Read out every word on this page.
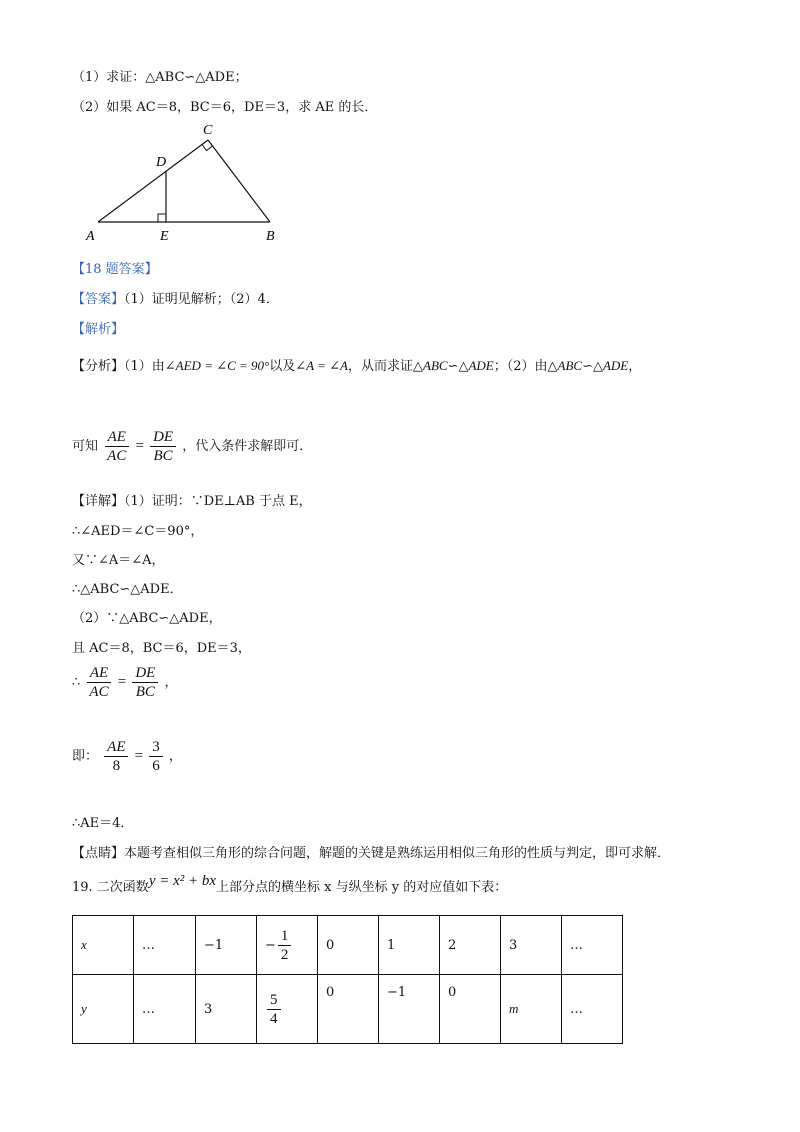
（1）求证：△ABC∽△ADE；
（2）如果 AC＝8，BC＝6，DE＝3，求 AE 的长．
A	E	B
D
C
【18 题答案】
【答案】（1）证明见解析；（2）4．
【解析】
【分析】（1）由∠AED = ∠C = 90°以及∠A = ∠A，从而求证△ABC∽△ADE；（2）由△ABC∽△ADE，
可知 $\frac{AE}{AC} = \frac{DE}{BC}$ ，代入条件求解即可．
【详解】（1）证明：∵DE⊥AB 于点 E，
∴∠AED＝∠C＝90°，
又∵∠A＝∠A，
∴△ABC∽△ADE．
（2）∵△ABC∽△ADE，
且 AC＝8，BC＝6，DE＝3，
∴ $\frac{AE}{AC} = \frac{DE}{BC}$ ，
即： $\frac{AE}{8} = \frac{3}{6}$ ，
∴AE＝4．
【点睛】本题考查相似三角形的综合问题，解题的关键是熟练运用相似三角形的性质与判定，即可求解．
19. 二次函数y = x² + bx上部分点的横坐标 x 与纵坐标 y 的对应值如下表：
x	…	−1	− $\frac{1}{2}$	0	1	2	3	…
y	…	3	$\frac{5}{4}$	0	−1	0	m	…
